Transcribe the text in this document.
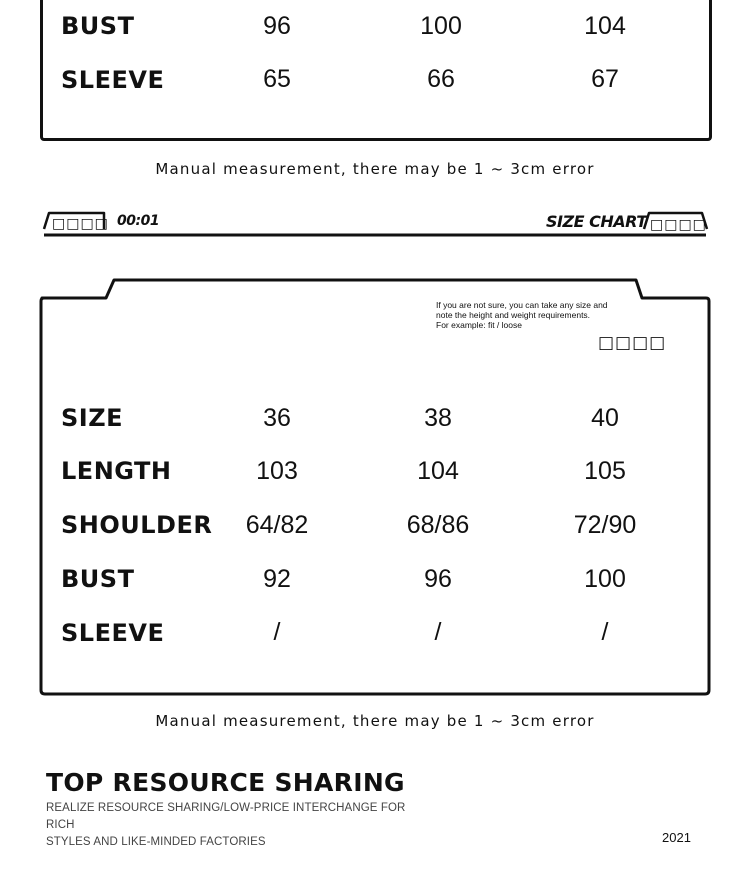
BUST	96	100	104
SLEEVE	65	66	67
Manual measurement, there may be 1 ~ 3cm error
□□□□ 00:01	SIZE CHART □□□□
If you are not sure, you can take any size and
note the height and weight requirements.
For example: fit / loose
□□□□
SIZE	36	38	40
LENGTH	103	104	105
SHOULDER	64/82	68/86	72/90
BUST	92	96	100
SLEEVE	/	/	/
Manual measurement, there may be 1 ~ 3cm error
TOP RESOURCE SHARING
REALIZE RESOURCE SHARING/LOW-PRICE INTERCHANGE FOR RICH
STYLES AND LIKE-MINDED FACTORIES	2021
